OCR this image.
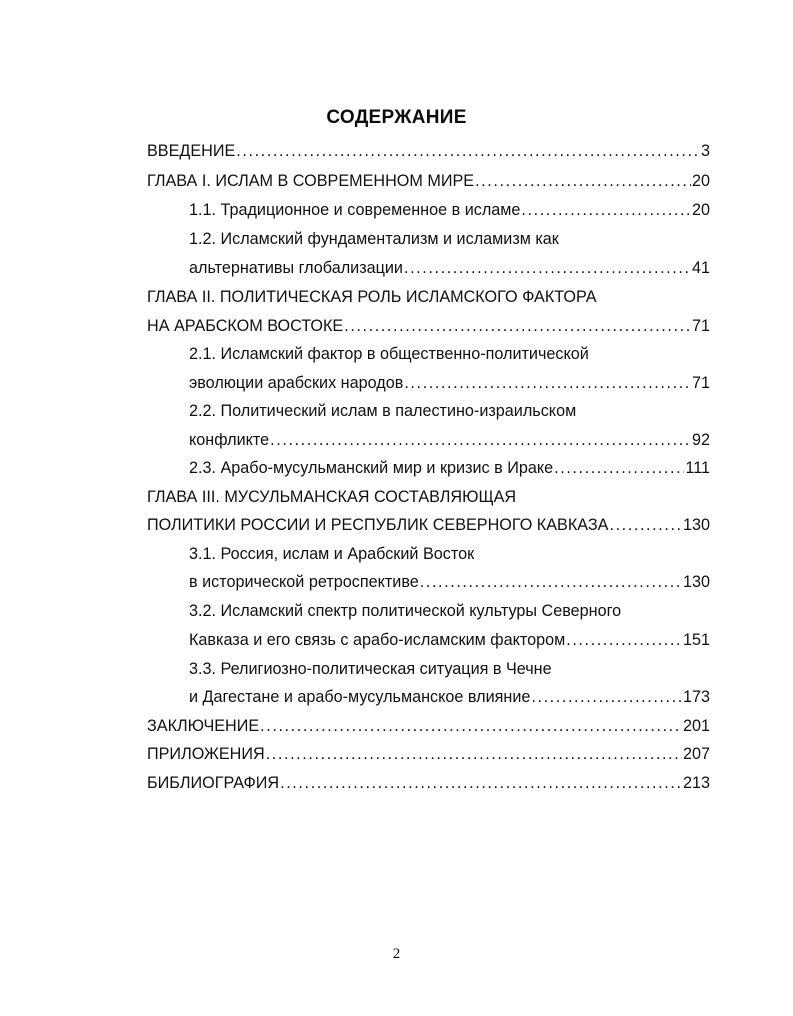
СОДЕРЖАНИЕ
ВВЕДЕНИЕ .....	3
ГЛАВА I. ИСЛАМ В СОВРЕМЕННОМ МИРЕ .....	20
1.1. Традиционное и современное в исламе .....	20
1.2. Исламский фундаментализм и исламизм как
альтернативы глобализации .....	41
ГЛАВА II. ПОЛИТИЧЕСКАЯ РОЛЬ ИСЛАМСКОГО ФАКТОРА
НА АРАБСКОМ ВОСТОКЕ .....	71
2.1. Исламский фактор в общественно-политической
эволюции арабских народов .....	71
2.2. Политический ислам в палестино-израильском
конфликте .....	92
2.3. Арабо-мусульманский мир и кризис в Ираке .....	111
ГЛАВА III. МУСУЛЬМАНСКАЯ СОСТАВЛЯЮЩАЯ
ПОЛИТИКИ РОССИИ И РЕСПУБЛИК СЕВЕРНОГО КАВКАЗА .....	130
3.1. Россия, ислам и Арабский Восток
в исторической ретроспективе .....	130
3.2. Исламский спектр политической культуры Северного
Кавказа и его связь с арабо-исламским фактором .....	151
3.3. Религиозно-политическая ситуация в Чечне
и Дагестане и арабо-мусульманское влияние .....	173
ЗАКЛЮЧЕНИЕ .....	201
ПРИЛОЖЕНИЯ .....	207
БИБЛИОГРАФИЯ .....	213
2
